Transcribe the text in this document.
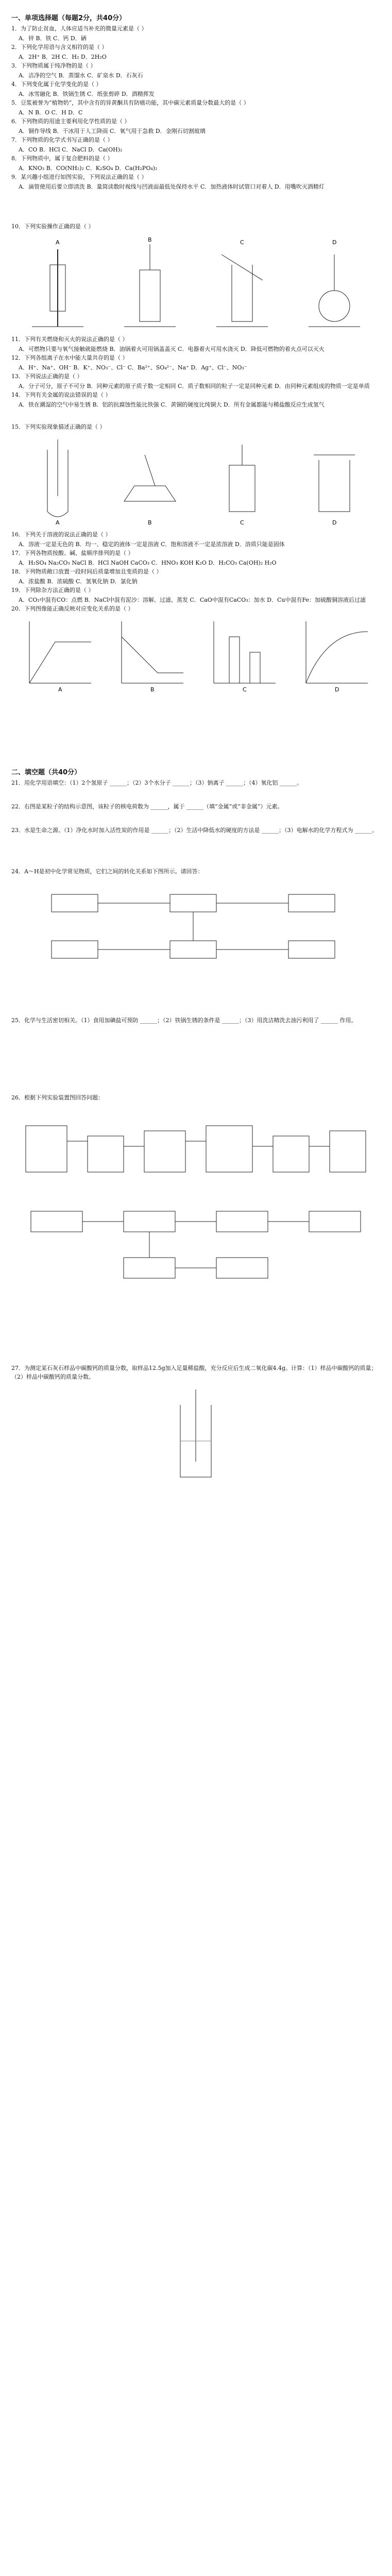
一、单项选择题（每题2分，共40分）
1．为了防止贫血，人体应适当补充的微量元素是（ ）
A．锌 B．铁 C．钙 D．硒
2．下列化学用语与含义相符的是（ ）
A．2H⁺ B．2H C．H₂ D．2H₂O
3．下列物质属于纯净物的是（ ）
A．洁净的空气 B．蒸馏水 C．矿泉水 D．石灰石
4．下列变化属于化学变化的是（ ）
A．冰雪融化 B．铁锅生锈 C．纸张剪碎 D．酒精挥发
5．豆浆被誉为“植物奶”，其中含有的异黄酮具有防癌功能，其中碳元素质量分数最大的是（ ）
A．N B．O C．H D．C
6．下列物质的用途主要利用化学性质的是（ ）
A．铜作导线 B．干冰用于人工降雨 C．氧气用于急救 D．金刚石切割玻璃
7．下列物质的化学式书写正确的是（ ）
A．CO B．HCl C．NaCl D．Ca(OH)₂
8．下列物质中，属于复合肥料的是（ ）
A．KNO₃ B．CO(NH₂)₂ C．K₂SO₄ D．Ca(H₂PO₄)₂
9．某兴趣小组进行如图实验，下列说法正确的是（ ）
A．滴管使用后要立即清洗 B．量筒读数时视线与凹液面最低处保持水平 C．加热液体时试管口对着人 D．用嘴吹灭酒精灯
10．下列实验操作正确的是（ ）
A	B	C	D
11．下列有关燃烧和灭火的说法正确的是（ ）
A．可燃物只要与氧气接触就能燃烧 B．油锅着火可用锅盖盖灭 C．电器着火可用水浇灭 D．降低可燃物的着火点可以灭火
12．下列各组离子在水中能大量共存的是（ ）
A．H⁺、Na⁺、OH⁻ B．K⁺、NO₃⁻、Cl⁻ C．Ba²⁺、SO₄²⁻、Na⁺ D．Ag⁺、Cl⁻、NO₃⁻
13．下列说法正确的是（ ）
A．分子可分，原子不可分 B．同种元素的原子质子数一定相同 C．质子数相同的粒子一定是同种元素 D．由同种元素组成的物质一定是单质
14．下列有关金属的说法错误的是（ ）
A．铁在潮湿的空气中易生锈 B．铝的抗腐蚀性能比铁强 C．黄铜的硬度比纯铜大 D．所有金属都能与稀盐酸反应生成氢气
15．下列实验现象描述正确的是（ ）
A	B	C	D
16．下列关于溶液的说法正确的是（ ）
A．溶液一定是无色的 B．均一、稳定的液体一定是溶液 C．饱和溶液不一定是浓溶液 D．溶质只能是固体
17．下列各物质按酸、碱、盐顺序排列的是（ ）
A．H₂SO₄ Na₂CO₃ NaCl B．HCl NaOH CaCO₃ C．HNO₃ KOH K₂O D．H₂CO₃ Ca(OH)₂ H₂O
18．下列物质敞口放置一段时间后质量增加且变质的是（ ）
A．浓盐酸 B．浓硫酸 C．氢氧化钠 D．氯化钠
19．下列除杂方法正确的是（ ）
A．CO₂中混有CO：点燃 B．NaCl中混有泥沙：溶解、过滤、蒸发 C．CaO中混有CaCO₃：加水 D．Cu中混有Fe：加硫酸铜溶液后过滤
20．下列图像能正确反映对应变化关系的是（ ）
A	B	C	D
二、填空题（共40分）
21．用化学用语填空：（1）2个氢原子 ______；（2）3个水分子 ______；（3）钠离子 ______；（4）氧化铝 ______。
22．右图是某粒子的结构示意图，该粒子的核电荷数为 ______，属于 ______（填“金属”或“非金属”）元素。
23．水是生命之源。（1）净化水时加入活性炭的作用是 ______；（2）生活中降低水的硬度的方法是 ______；（3）电解水的化学方程式为 ______。
24．A～H是初中化学常见物质，它们之间的转化关系如下图所示。请回答：
25．化学与生活密切相关。（1）食用加碘盐可预防 ______；（2）铁锅生锈的条件是 ______；（3）用洗洁精洗去油污利用了 ______ 作用。
26．根据下列实验装置图回答问题：
27．为测定某石灰石样品中碳酸钙的质量分数，取样品12.5g加入足量稀盐酸，充分反应后生成二氧化碳4.4g。计算：（1）样品中碳酸钙的质量；（2）样品中碳酸钙的质量分数。
